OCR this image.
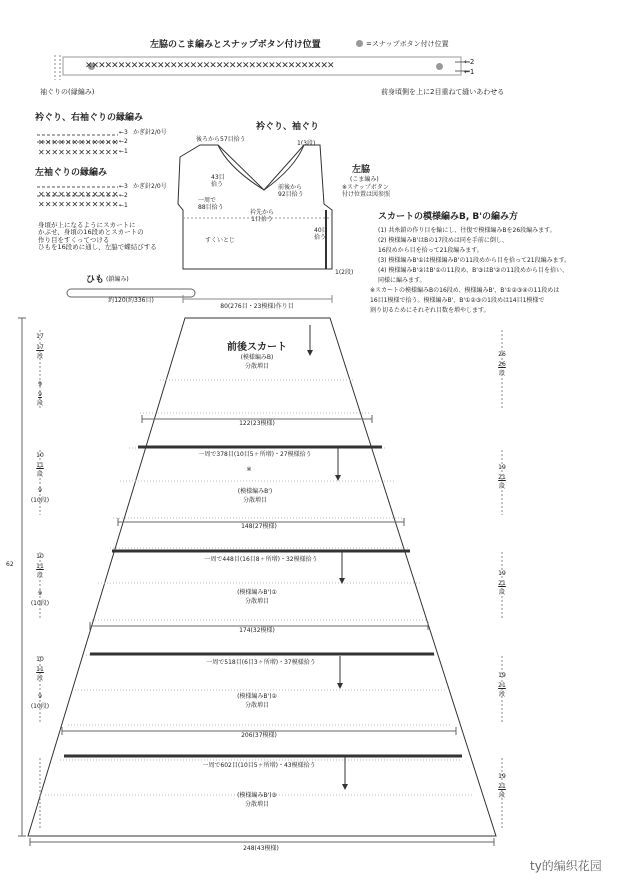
左脇のこま編みとスナップボタン付け位置	=スナップボタン付け位置
袖ぐりの(縁編み)
←2
←1
前身頃側を上に2目重ねて縫いあわせる
✕✕✕✕✕✕✕✕✕✕✕✕✕✕✕✕✕✕✕✕✕✕✕✕✕✕✕✕✕✕✕✕✕✕✕✕✕✕
衿ぐり、右袖ぐりの縁編み
✕✕✕✕✕✕✕✕✕✕✕✕
✕✕✕✕✕✕✕✕✕✕✕✕
かぎ針2/0号
←3
←2
←1
左袖ぐりの縁編み
✕✕✕✕✕✕✕✕✕✕✕✕
✕✕✕✕✕✕✕✕✕✕✕✕
かぎ針2/0号
←3
←2
←1
身頃が上になるようにスカートに
かぶせ、身頃の16段めとスカートの
作り目をすくってつける
ひもを16段めに通し、左脇で蝶結びする
ひも (鎖編み)
約120(約336目)
衿ぐり、袖ぐり
後ろから57目拾う
43目
拾う
一周で
88目拾う
衿先から
1目拾う
前後から
92目拾う
1(3段)
40目
拾う
1(2段)
すくいとじ
左脇
(こま編み)
※スナップボタン
付け位置は図参照
80(276目・23模様)作り目
スカートの模様編みB, B'の編み方
(1) 共糸鎖の作り目を輪にし、往復で模様編みBを26段編みます。
(2) 模様編みB'はBの17段めは同を手前に倒し、
16段めから目を拾って21段編みます。
(3) 模様編みB'①は模様編みB'の11段めから目を拾って21段編みます。
(4) 模様編みB'②はB'①の11段め、B'③はB'②の11段めから目を拾い、
同様に編みます。
※スカートの模様編みBの16段め、模様編みB'、B'①②③④の11段めは
16目1模様で拾う。模様編みB'、B'①②③の1段めは14目1模様で
割り切るためにそれぞれ目数を増やします。
前後スカート
(模様編みB)
分散増目
122(23模様)
一周で378目(10目5ヶ所増)・27模様拾う
※
(模様編みB')
分散増目
148(27模様)
一周で448目(16目8ヶ所増)・32模様拾う
(模様編みB')①
分散増目
174(32模様)
一周で518目(6目3ヶ所増)・37模様拾う
(模様編みB')②
分散増目
206(37模様)
一周で602目(10目5ヶ所増)・43模様拾う
(模様編みB')③
分散増目
248(43模様)
62
17
17
段
9
9
段
10
11
段
9
(10段)
10
11
段
9
(10段)
10
11
段
9
(10段)
26
26
段
19
21
段
19
21
段
19
21
段
19
21
段
ty的编织花园
